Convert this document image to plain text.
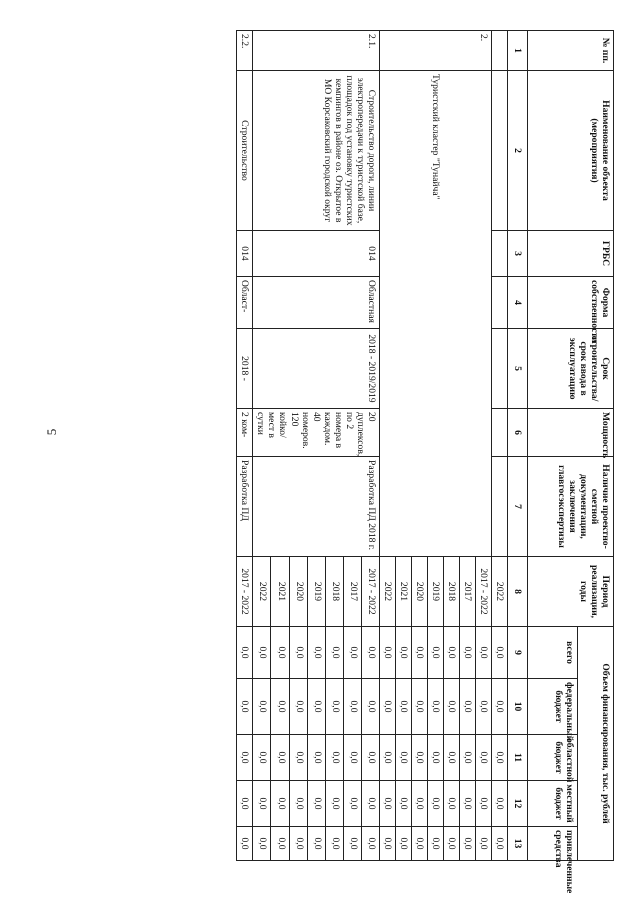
5
№ пп.	Наименование объекта (мероприятия)	ГРБС	Форма собственности	Срок строительства/срок ввода в эксплуатацию	Мощность	Наличие проектно-сметной документации, заключения главгосэкспертизы	Период реализации, годы	Объем финансирования, тыс. рублей	
								всего	федеральный бюджет	областной бюджет	местный бюджет	привлеченные средства	
1	2	3	4	5	6	7	8	9	10	11	12	13	
							2022	0,0	0,0	0,0	0,0	0,0	
2.	Туристский кластер "Тунайча"						2017 - 2022	0,0	0,0	0,0	0,0	0,0	
							2017	0,0	0,0	0,0	0,0	0,0	
							2018	0,0	0,0	0,0	0,0	0,0	
							2019	0,0	0,0	0,0	0,0	0,0	
							2020	0,0	0,0	0,0	0,0	0,0	
							2021	0,0	0,0	0,0	0,0	0,0	
							2022	0,0	0,0	0,0	0,0	0,0	
2.1.	Строительство дороги, линии электропередачи к туристской базе, площадок под установку туристских кемпингов в районе оз. Открытое в МО Корсаковский городской округ	014	Областная	2018 - 2019/2019	20 дуплексов, по 2 номера в каждом. 40 номеров. 120 койко/мест в сутки	Разработка ПД 2018 г.	2017 - 2022	0,0	0,0	0,0	0,0	0,0	
							2017	0,0	0,0	0,0	0,0	0,0	
							2018	0,0	0,0	0,0	0,0	0,0	
							2019	0,0	0,0	0,0	0,0	0,0	
							2020	0,0	0,0	0,0	0,0	0,0	
							2021	0,0	0,0	0,0	0,0	0,0	
							2022	0,0	0,0	0,0	0,0	0,0	
2.2.	Строительство	014	Област-	2018 -	2 ком-	Разработка ПД	2017 - 2022	0,0	0,0	0,0	0,0	0,0	
